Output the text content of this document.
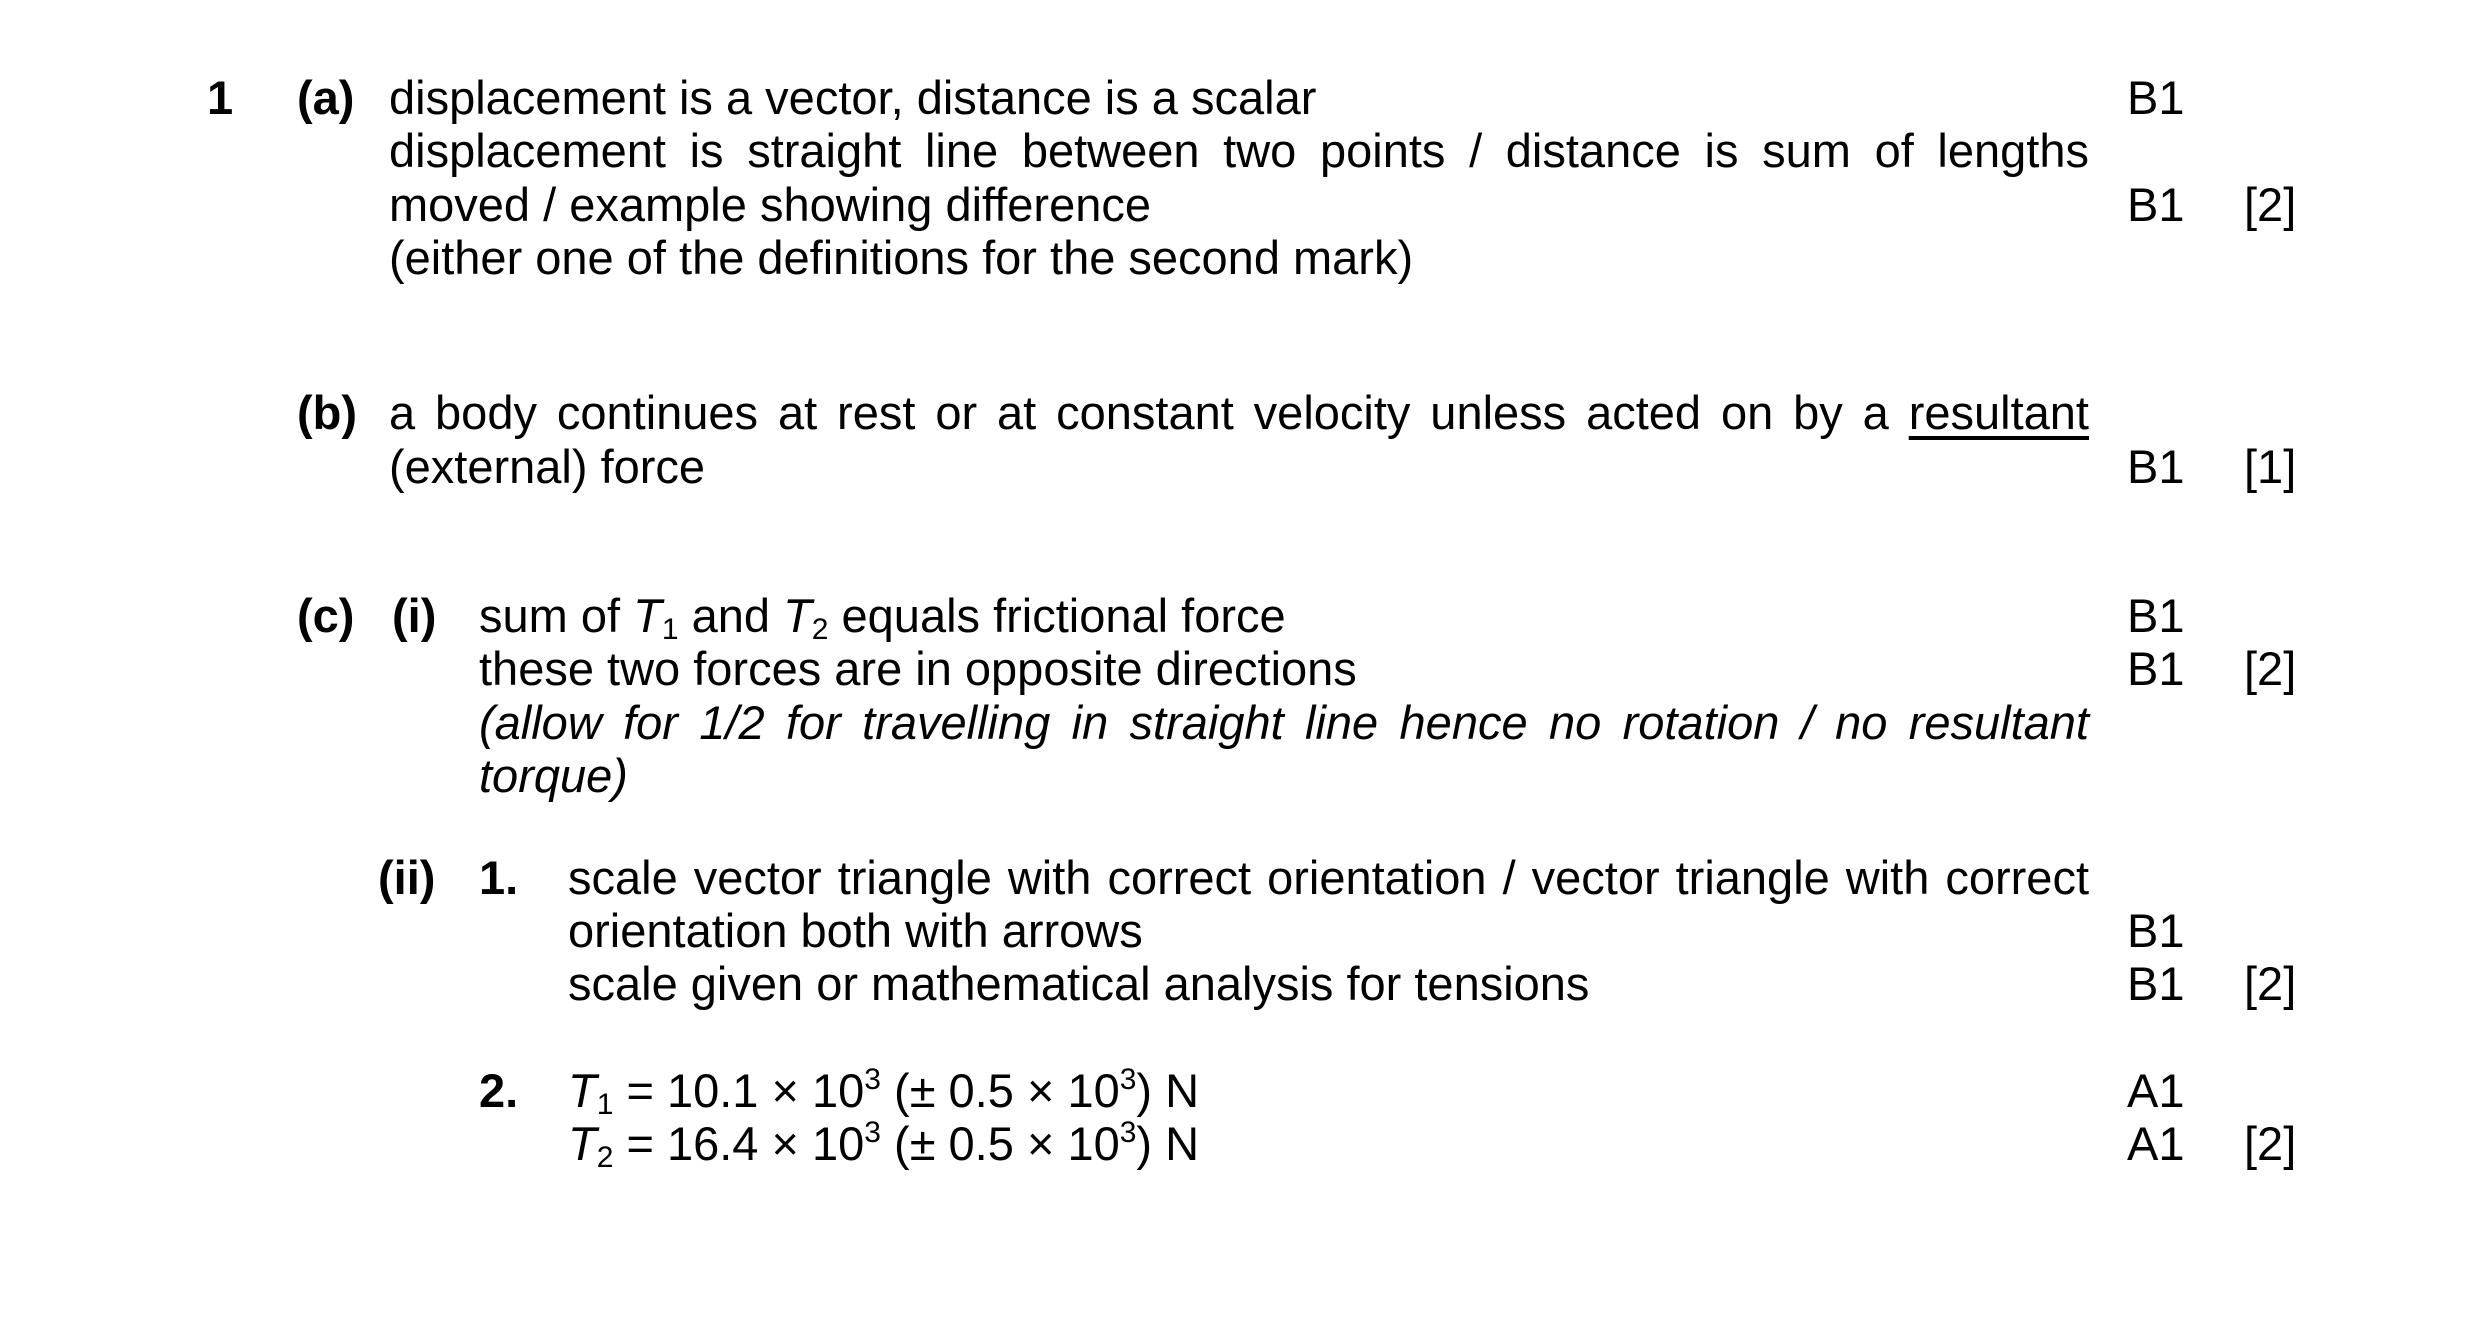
1 (a) displacement is a vector, distance is a scalar
displacement is straight line between two points / distance is sum of lengths
moved / example showing difference
(either one of the definitions for the second mark)
B1
B1 [2]
(b) a body continues at rest or at constant velocity unless acted on by a resultant
(external) force	B1 [1]
(c) (i) sum of $T_1$ and $T_2$ equals frictional force
these two forces are in opposite directions
(allow for 1/2 for travelling in straight line hence no rotation / no resultant
torque)
B1
B1 [2]
(ii) 1. scale vector triangle with correct orientation / vector triangle with correct
orientation both with arrows
scale given or mathematical analysis for tensions
B1
B1 [2]
2. $T_1 = 10.1 \times 10^3$ (± $0.5 \times 10^3$) N
$T_2 = 16.4 \times 10^3$ (± $0.5 \times 10^3$) N
A1
A1 [2]
